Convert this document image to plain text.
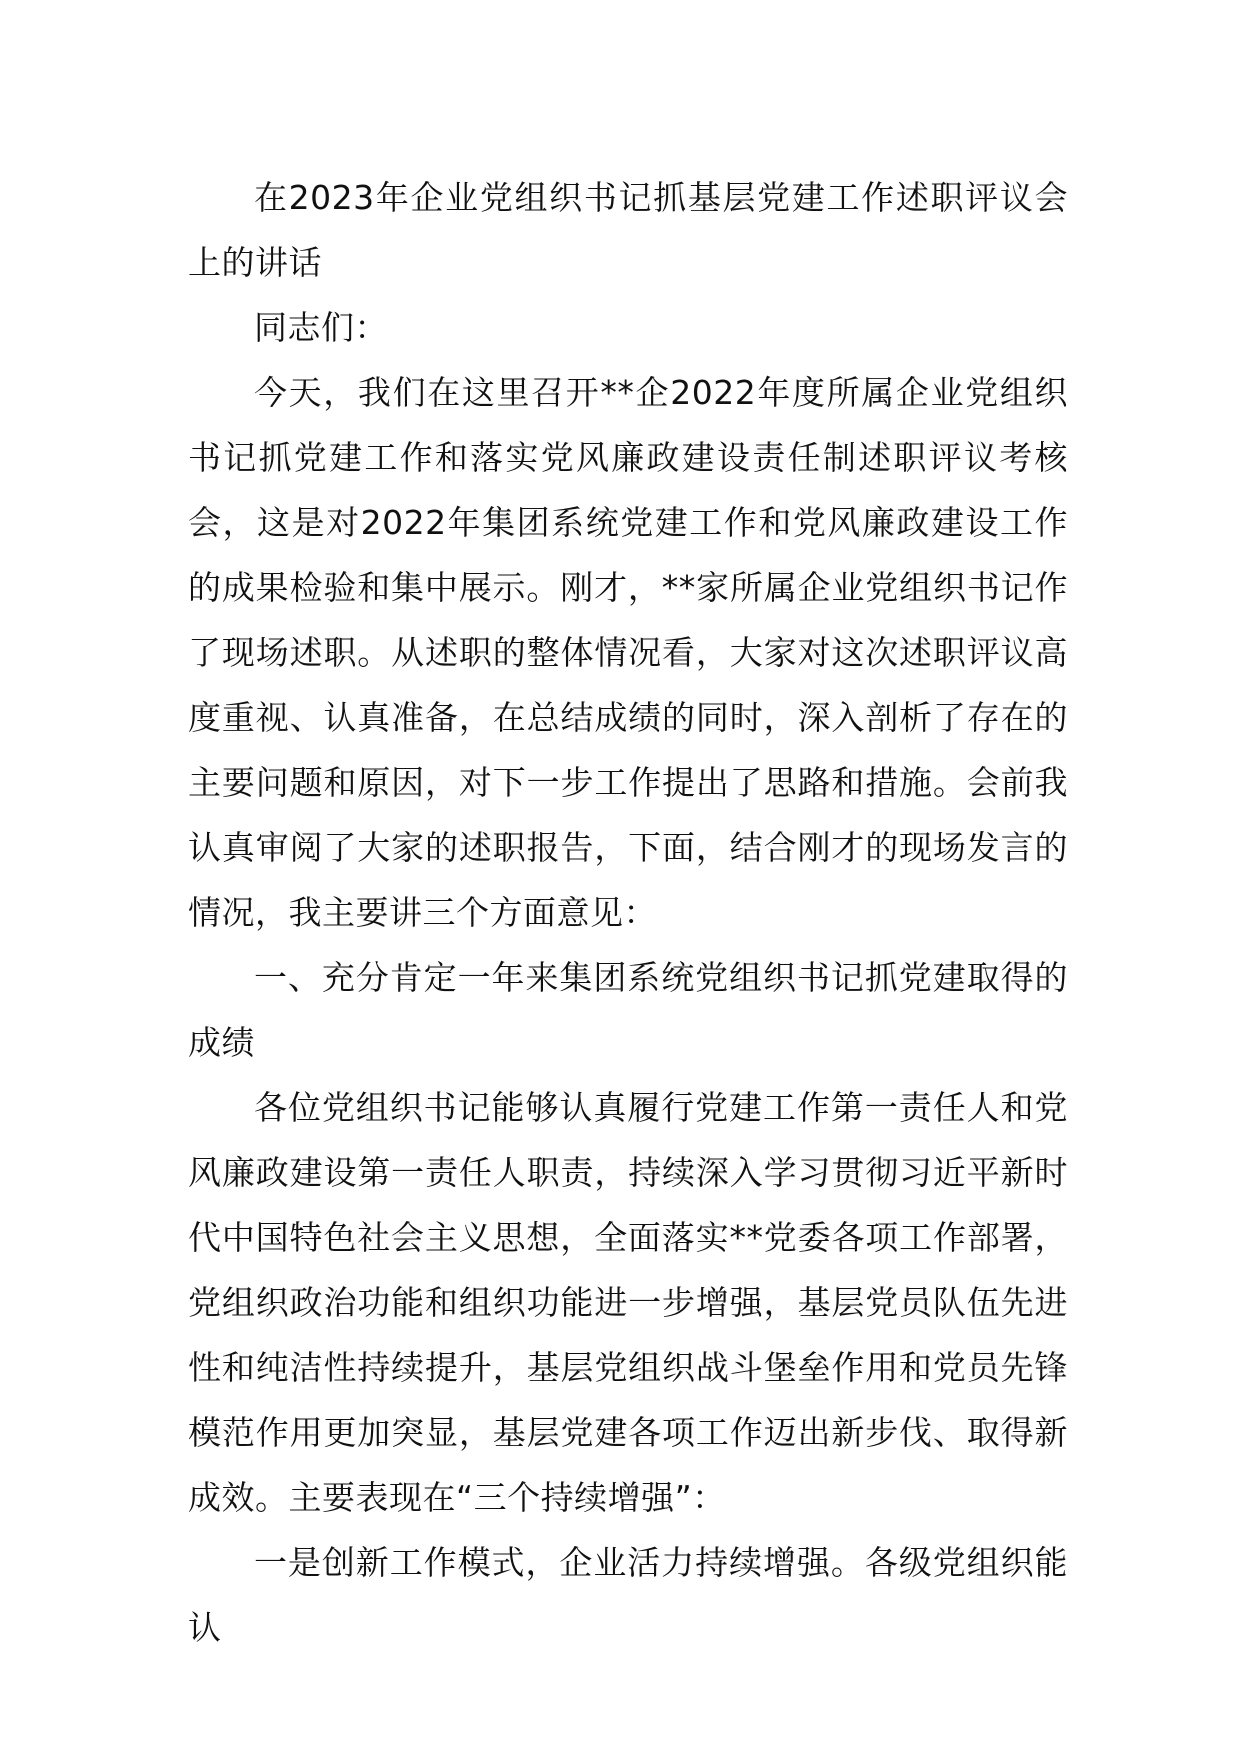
在2023年企业党组织书记抓基层党建工作述职评议会上的讲话

同志们：

今天，我们在这里召开**企2022年度所属企业党组织书记抓党建工作和落实党风廉政建设责任制述职评议考核会，这是对2022年集团系统党建工作和党风廉政建设工作的成果检验和集中展示。刚才，**家所属企业党组织书记作了现场述职。从述职的整体情况看，大家对这次述职评议高度重视、认真准备，在总结成绩的同时，深入剖析了存在的主要问题和原因，对下一步工作提出了思路和措施。会前我认真审阅了大家的述职报告，下面，结合刚才的现场发言的情况，我主要讲三个方面意见：

一、充分肯定一年来集团系统党组织书记抓党建取得的成绩

各位党组织书记能够认真履行党建工作第一责任人和党风廉政建设第一责任人职责，持续深入学习贯彻习近平新时代中国特色社会主义思想，全面落实**党委各项工作部署，党组织政治功能和组织功能进一步增强，基层党员队伍先进性和纯洁性持续提升，基层党组织战斗堡垒作用和党员先锋模范作用更加突显，基层党建各项工作迈出新步伐、取得新成效。主要表现在“三个持续增强”：

一是创新工作模式，企业活力持续增强。各级党组织能认
